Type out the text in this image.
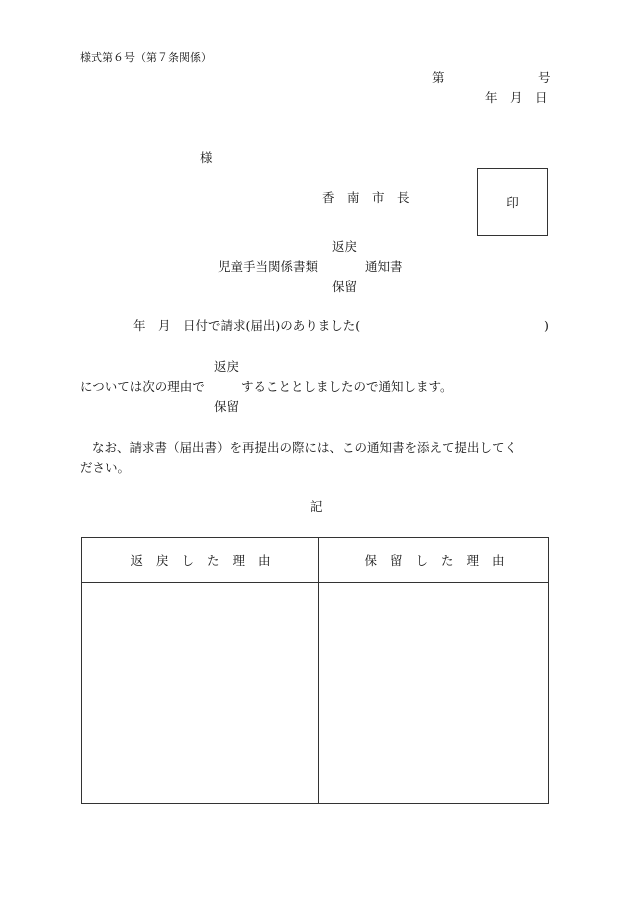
様式第６号（第７条関係）
第	号
年　月　日
様
香　南　市　長	印
返戻
児童手当関係書類	通知書
保留
年　月　日付で請求(届出)のありました(	)
返戻
については次の理由で	することとしましたので通知します。
保留
なお、請求書（届出書）を再提出の際には、この通知書を添えて提出してく
ださい。
記
返戻した理由	保留した理由
